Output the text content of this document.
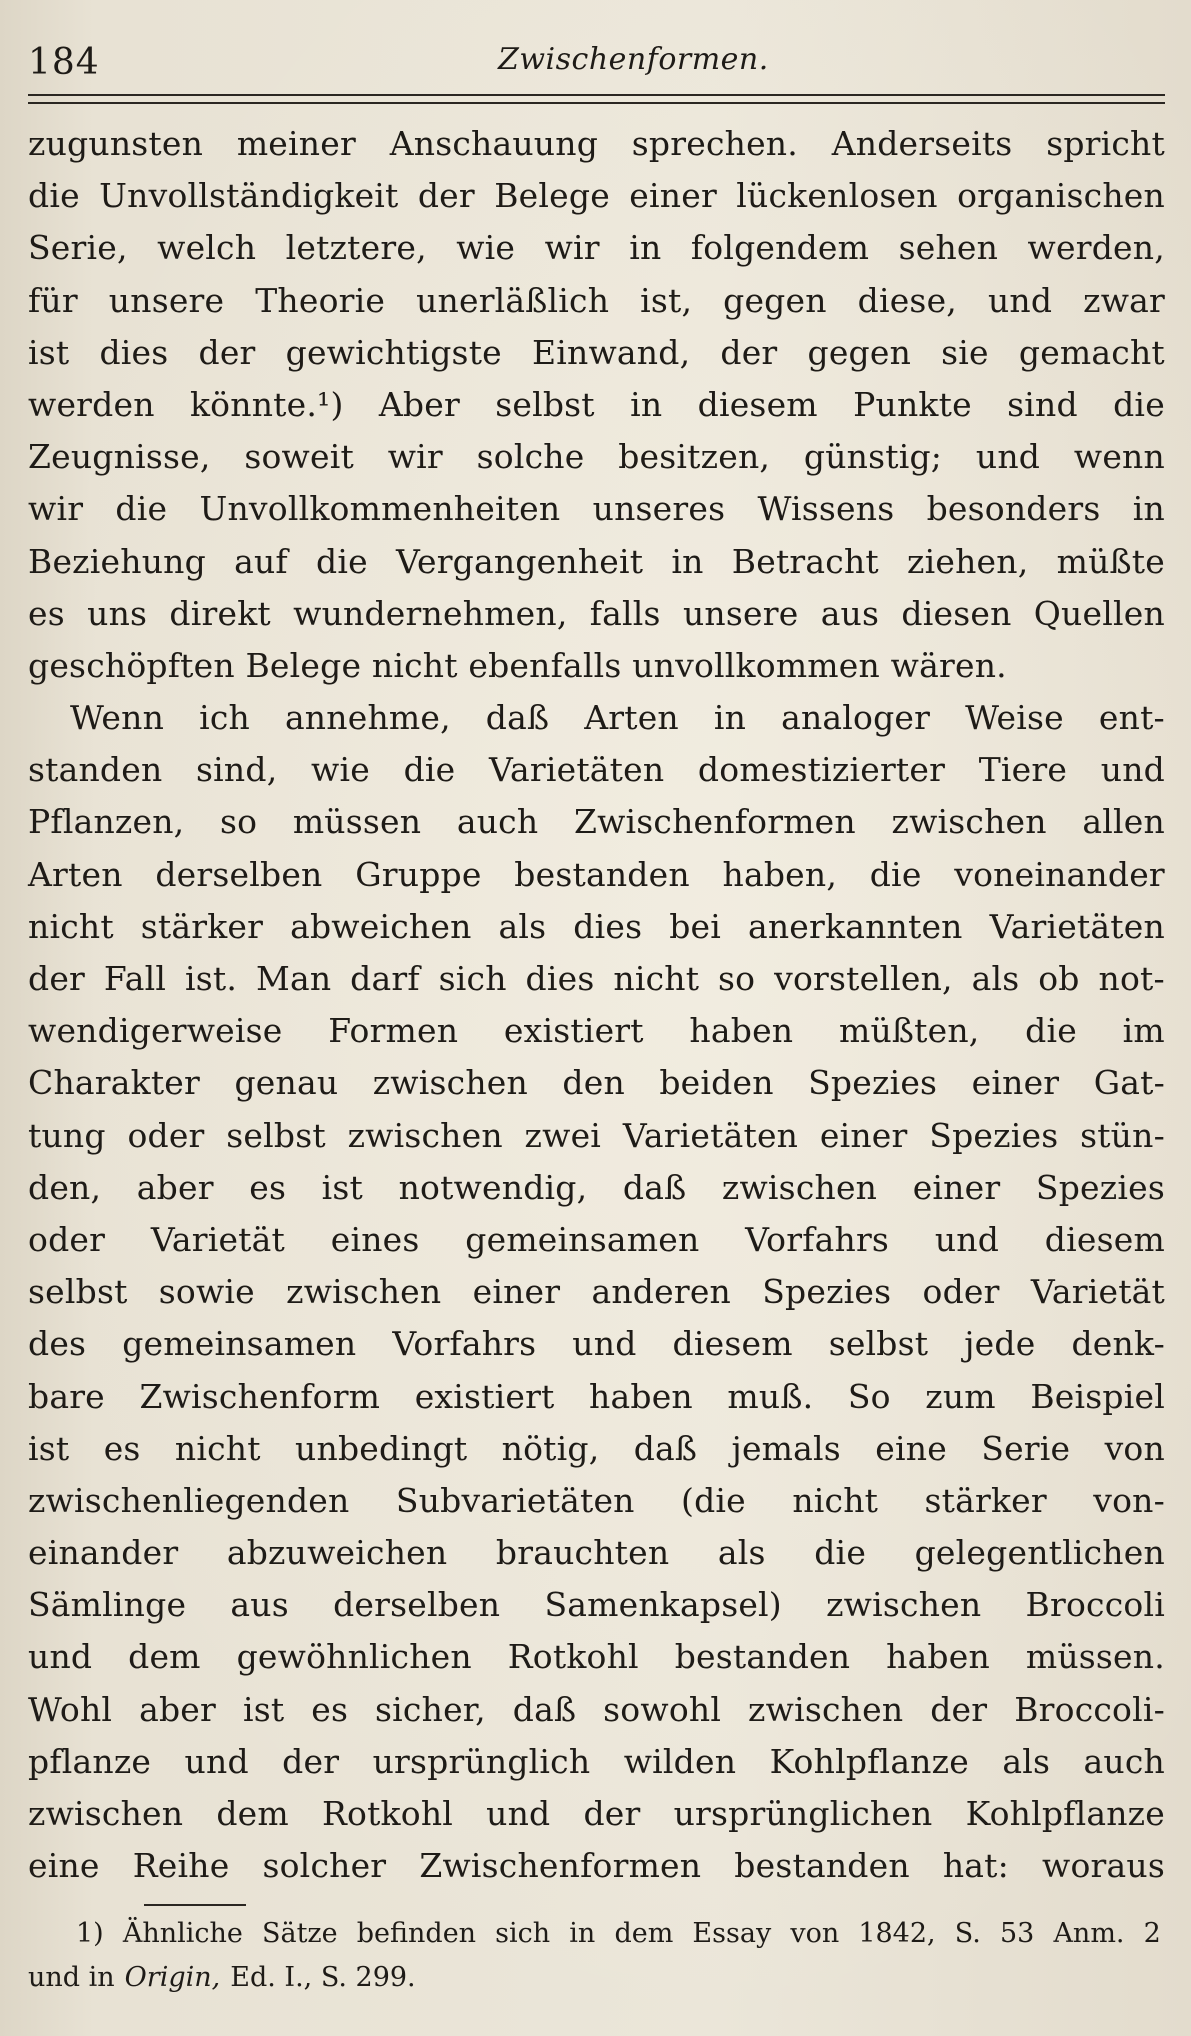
184	Zwischenformen.
zugunsten meiner Anschauung sprechen. Anderseits spricht
die Unvollständigkeit der Belege einer lückenlosen organischen
Serie, welch letztere, wie wir in folgendem sehen werden,
für unsere Theorie unerläßlich ist, gegen diese, und zwar
ist dies der gewichtigste Einwand, der gegen sie gemacht
werden könnte.¹) Aber selbst in diesem Punkte sind die
Zeugnisse, soweit wir solche besitzen, günstig; und wenn
wir die Unvollkommenheiten unseres Wissens besonders in
Beziehung auf die Vergangenheit in Betracht ziehen, müßte
es uns direkt wundernehmen, falls unsere aus diesen Quellen
geschöpften Belege nicht ebenfalls unvollkommen wären.
Wenn ich annehme, daß Arten in analoger Weise ent-
standen sind, wie die Varietäten domestizierter Tiere und
Pflanzen, so müssen auch Zwischenformen zwischen allen
Arten derselben Gruppe bestanden haben, die voneinander
nicht stärker abweichen als dies bei anerkannten Varietäten
der Fall ist. Man darf sich dies nicht so vorstellen, als ob not-
wendigerweise Formen existiert haben müßten, die im
Charakter genau zwischen den beiden Spezies einer Gat-
tung oder selbst zwischen zwei Varietäten einer Spezies stün-
den, aber es ist notwendig, daß zwischen einer Spezies
oder Varietät eines gemeinsamen Vorfahrs und diesem
selbst sowie zwischen einer anderen Spezies oder Varietät
des gemeinsamen Vorfahrs und diesem selbst jede denk-
bare Zwischenform existiert haben muß. So zum Beispiel
ist es nicht unbedingt nötig, daß jemals eine Serie von
zwischenliegenden Subvarietäten (die nicht stärker von-
einander abzuweichen brauchten als die gelegentlichen
Sämlinge aus derselben Samenkapsel) zwischen Broccoli
und dem gewöhnlichen Rotkohl bestanden haben müssen.
Wohl aber ist es sicher, daß sowohl zwischen der Broccoli-
pflanze und der ursprünglich wilden Kohlpflanze als auch
zwischen dem Rotkohl und der ursprünglichen Kohlpflanze
eine Reihe solcher Zwischenformen bestanden hat: woraus
1) Ähnliche Sätze befinden sich in dem Essay von 1842, S. 53 Anm. 2
und in Origin, Ed. I., S. 299.
